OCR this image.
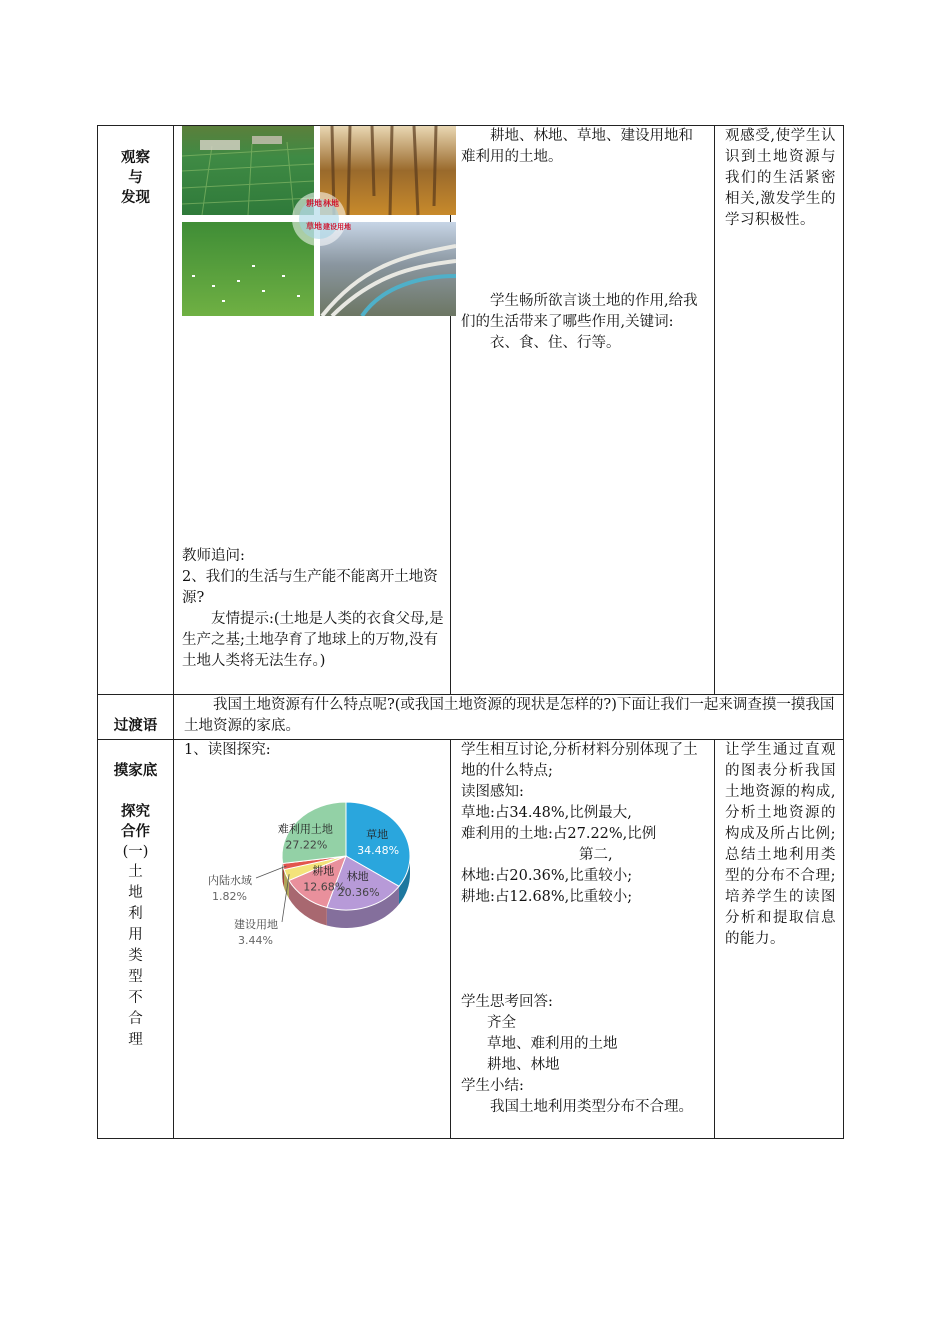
观察
与
发现	耕地 林地
草地 建设用地
教师追问:
2、我们的生活与生产能不能离开土地资源?
友情提示:(土地是人类的衣食父母,是生产之基;土地孕育了地球上的万物,没有土地人类将无法生存。)
耕地、林地、草地、建设用地和难利用的土地。
学生畅所欲言谈土地的作用,给我们的生活带来了哪些作用,关键词:
衣、食、住、行等。
观感受,使学生认识到土地资源与我们的生活紧密相关,激发学生的学习积极性。
过渡语
我国土地资源有什么特点呢?(或我国土地资源的现状是怎样的?)下面让我们一起来调查摸一摸我国土地资源的家底。
摸家底
探究
合作
(一)
土
地
利
用
类
型
不
合
理
1、读图探究:
草地
34.48%
林地
20.36%
耕地
12.68%
难利用土地
27.22%
建设用地
3.44%
内陆水域
1.82%
学生相互讨论,分析材料分别体现了土地的什么特点;
读图感知:
草地:占34.48%,比例最大,
难利用的土地:占27.22%,比例
第二,
林地:占20.36%,比重较小;
耕地:占12.68%,比重较小;
学生思考回答:
齐全
草地、难利用的土地
耕地、林地
学生小结:
我国土地利用类型分布不合理。
让学生通过直观的图表分析我国土地资源的构成,分析土地资源的构成及所占比例;总结土地利用类型的分布不合理;培养学生的读图分析和提取信息的能力。
